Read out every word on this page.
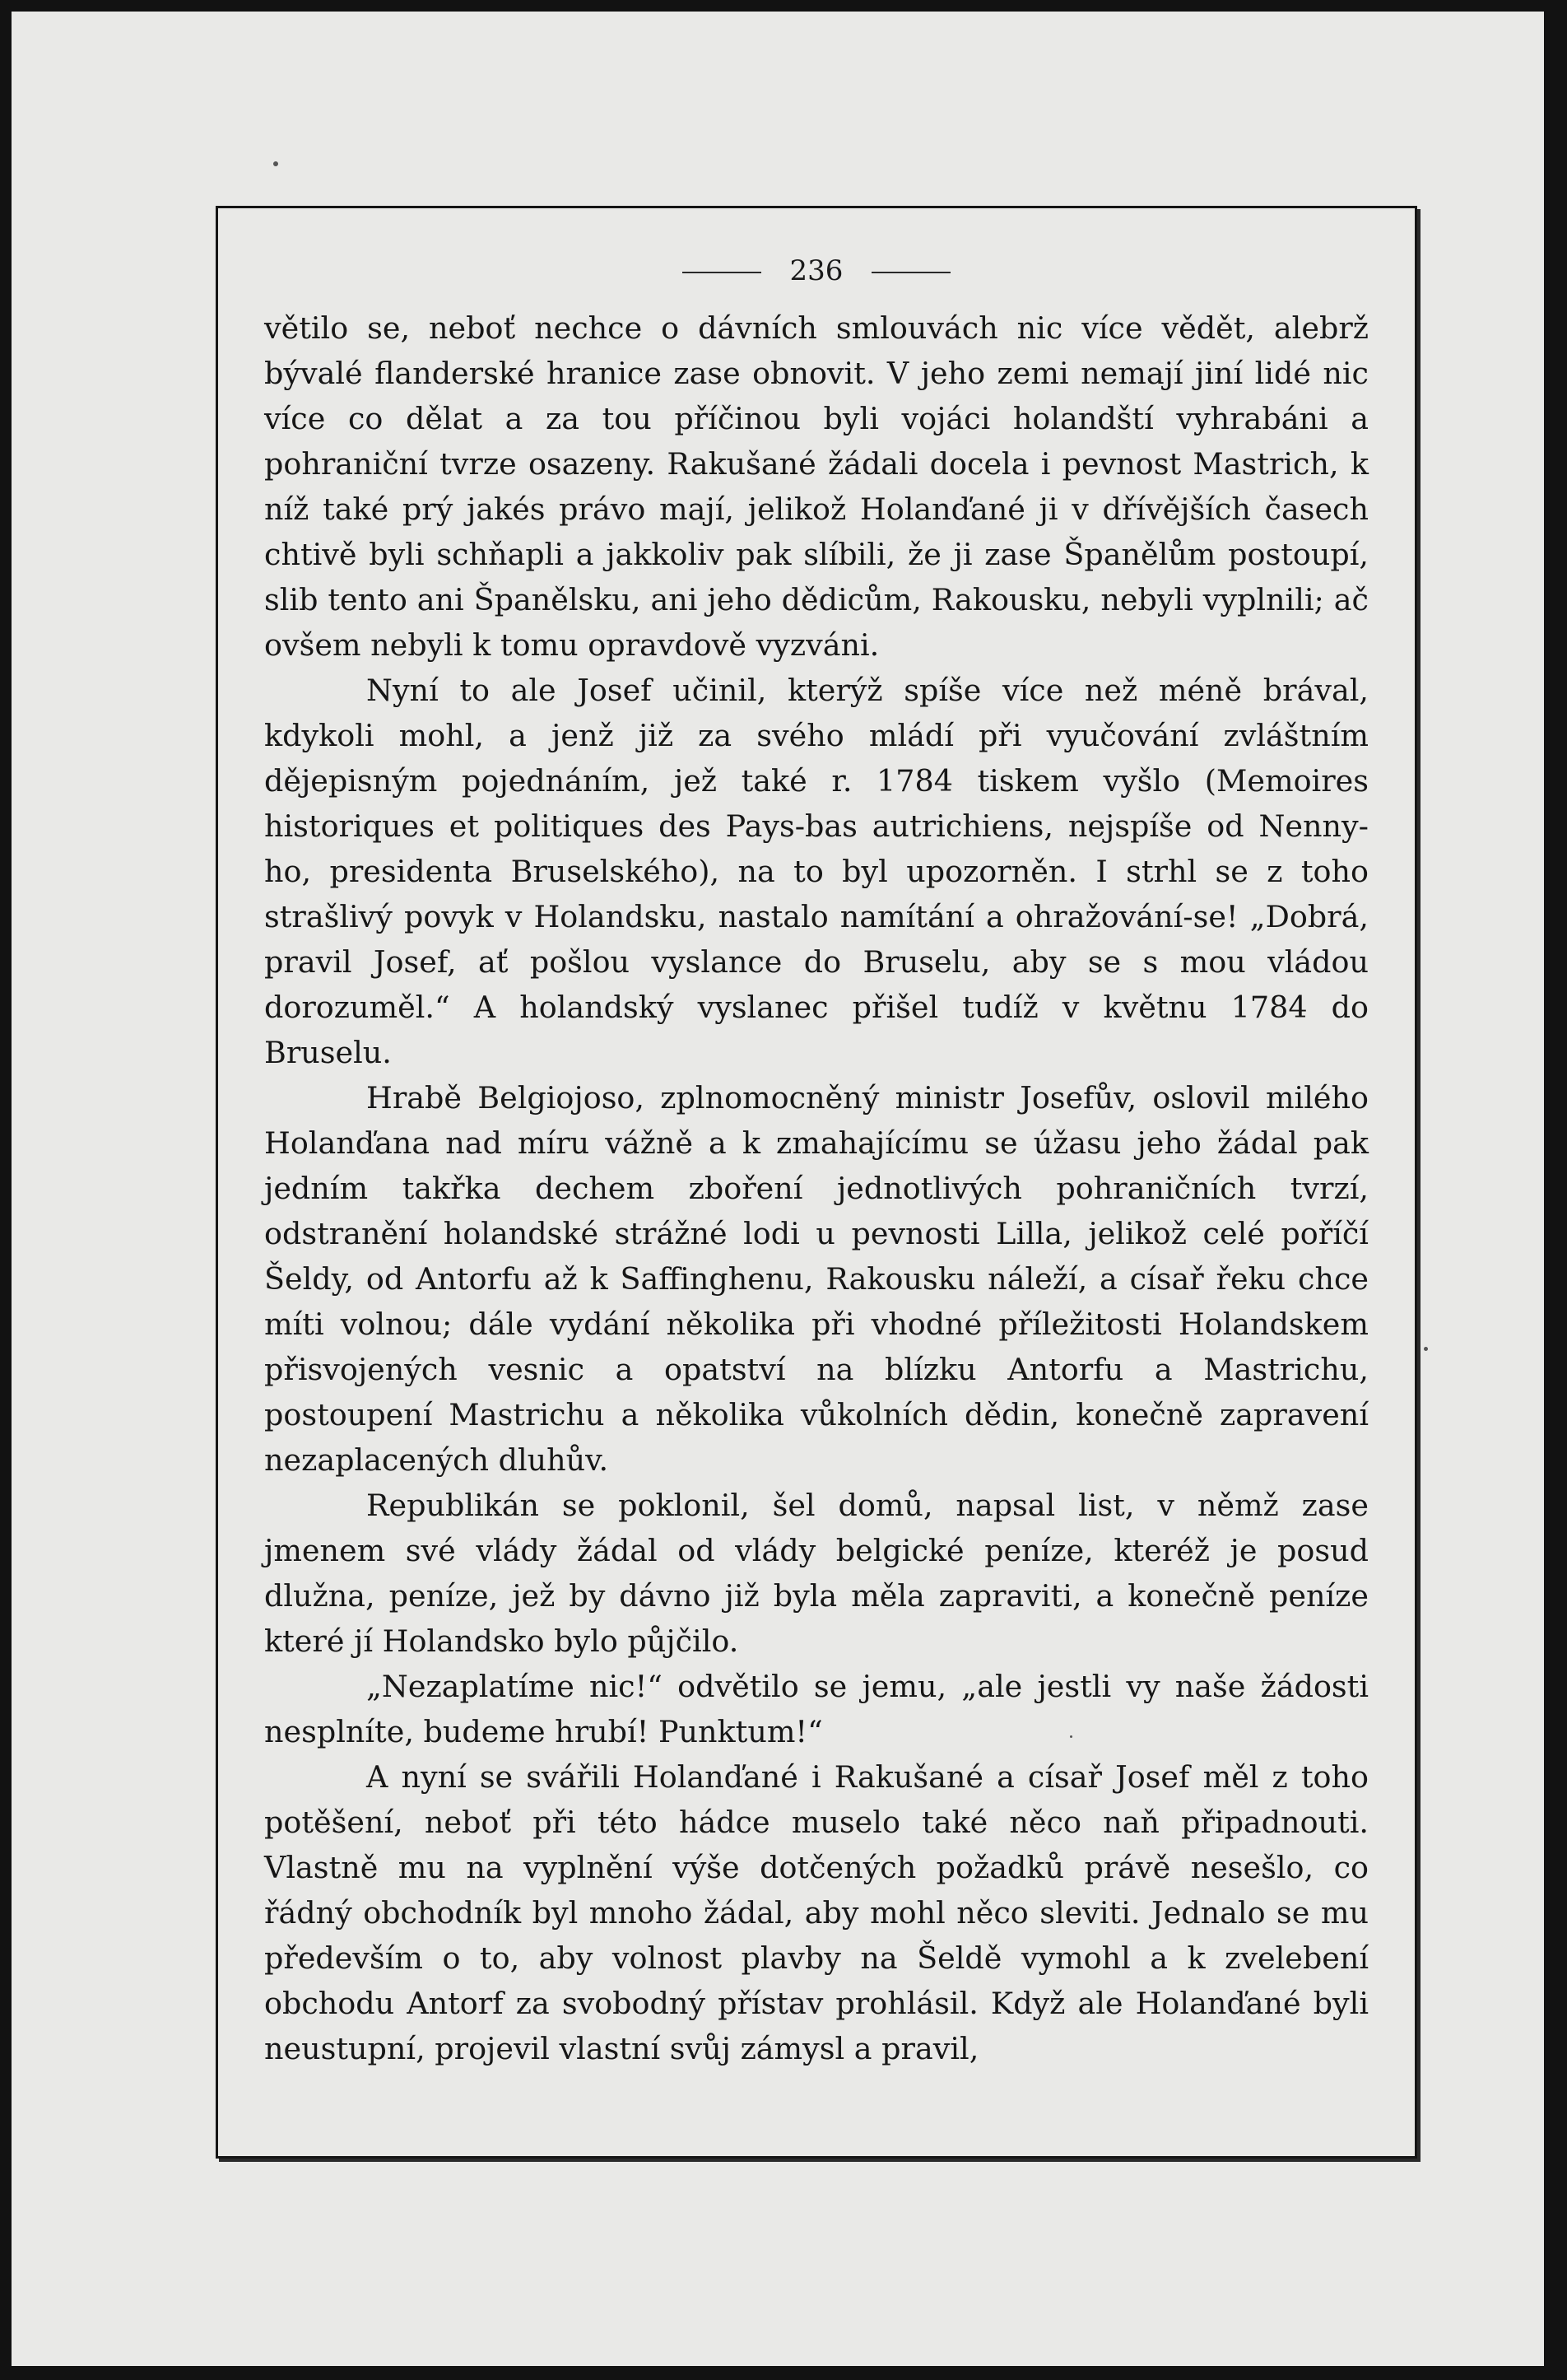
236

větilo se, neboť nechce o dávních smlouvách nic více vědět, alebrž bývalé flanderské hranice zase obnovit. V jeho zemi nemají jiní lidé nic více co dělat a za tou příčinou byli vojáci holandští vyhrabáni a pohraniční tvrze osazeny. Rakušané žádali docela i pevnost Mastrich, k níž také prý jakés právo mají, jelikož Holanďané ji v dřívějších časech chtivě byli schňapli a jakkoliv pak slíbili, že ji zase Španělům postoupí, slib tento ani Španělsku, ani jeho dědicům, Rakousku, nebyli vyplnili; ač ovšem nebyli k tomu opravdově vyzváni.

Nyní to ale Josef učinil, kterýž spíše více než méně brával, kdykoli mohl, a jenž již za svého mládí při vyučování zvláštním dějepisným pojednáním, jež také r. 1784 tiskem vyšlo (Memoires historiques et politiques des Pays-bas autrichiens, nejspíše od Nenny-ho, presidenta Bruselského), na to byl upozorněn. I strhl se z toho strašlivý povyk v Holandsku, nastalo namítání a ohražování-se! „Dobrá, pravil Josef, ať pošlou vyslance do Bruselu, aby se s mou vládou dorozuměl.“ A holandský vyslanec přišel tudíž v květnu 1784 do Bruselu.

Hrabě Belgiojoso, zplnomocněný ministr Josefův, oslovil milého Holanďana nad míru vážně a k zmahajícímu se úžasu jeho žádal pak jedním takřka dechem zboření jednotlivých pohraničních tvrzí, odstranění holandské strážné lodi u pevnosti Lilla, jelikož celé poříčí Šeldy, od Antorfu až k Saffinghenu, Rakousku náleží, a císař řeku chce míti volnou; dále vydání několika při vhodné příležitosti Holandskem přisvojených vesnic a opatství na blízku Antorfu a Mastrichu, postoupení Mastrichu a několika vůkolních dědin, konečně zapravení nezaplacených dluhův.

Republikán se poklonil, šel domů, napsal list, v němž zase jmenem své vlády žádal od vlády belgické peníze, kteréž je posud dlužna, peníze, jež by dávno již byla měla zapraviti, a konečně peníze které jí Holandsko bylo půjčilo.

„Nezaplatíme nic!“ odvětilo se jemu, „ale jestli vy naše žádosti nesplníte, budeme hrubí! Punktum!“

A nyní se svářili Holanďané i Rakušané a císař Josef měl z toho potěšení, neboť při této hádce muselo také něco naň připadnouti. Vlastně mu na vyplnění výše dotčených požadků právě nesešlo, co řádný obchodník byl mnoho žádal, aby mohl něco sleviti. Jednalo se mu především o to, aby volnost plavby na Šeldě vymohl a k zvelebení obchodu Antorf za svobodný přístav prohlásil. Když ale Holanďané byli neustupní, projevil vlastní svůj zámysl a pravil,
